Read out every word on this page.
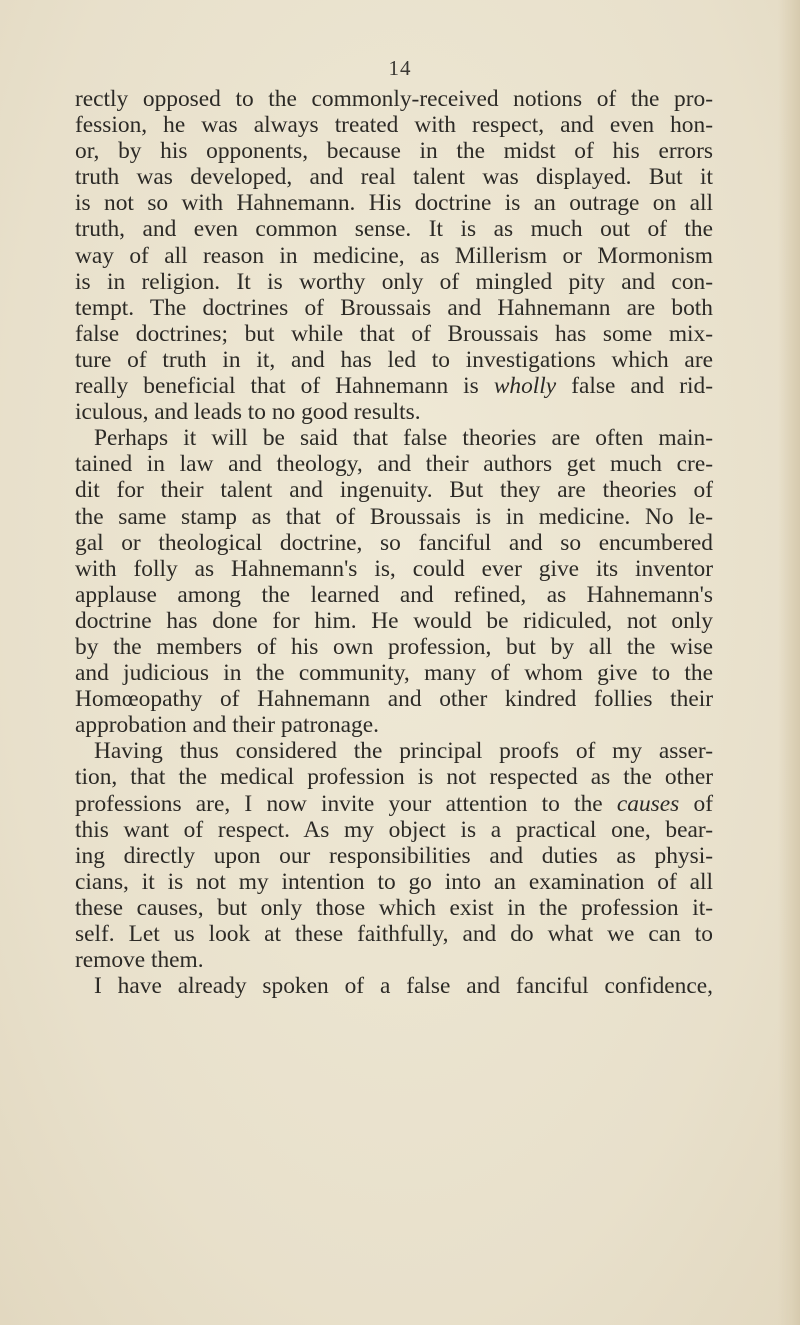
14
rectly opposed to the commonly-received notions of the pro-
fession, he was always treated with respect, and even hon-
or, by his opponents, because in the midst of his errors
truth was developed, and real talent was displayed. But it
is not so with Hahnemann. His doctrine is an outrage on all
truth, and even common sense. It is as much out of the
way of all reason in medicine, as Millerism or Mormonism
is in religion. It is worthy only of mingled pity and con-
tempt. The doctrines of Broussais and Hahnemann are both
false doctrines; but while that of Broussais has some mix-
ture of truth in it, and has led to investigations which are
really beneficial that of Hahnemann is wholly false and rid-
iculous, and leads to no good results.
Perhaps it will be said that false theories are often main-
tained in law and theology, and their authors get much cre-
dit for their talent and ingenuity. But they are theories of
the same stamp as that of Broussais is in medicine. No le-
gal or theological doctrine, so fanciful and so encumbered
with folly as Hahnemann's is, could ever give its inventor
applause among the learned and refined, as Hahnemann's
doctrine has done for him. He would be ridiculed, not only
by the members of his own profession, but by all the wise
and judicious in the community, many of whom give to the
Homœopathy of Hahnemann and other kindred follies their
approbation and their patronage.
Having thus considered the principal proofs of my asser-
tion, that the medical profession is not respected as the other
professions are, I now invite your attention to the causes of
this want of respect. As my object is a practical one, bear-
ing directly upon our responsibilities and duties as physi-
cians, it is not my intention to go into an examination of all
these causes, but only those which exist in the profession it-
self. Let us look at these faithfully, and do what we can to
remove them.
I have already spoken of a false and fanciful confidence,
